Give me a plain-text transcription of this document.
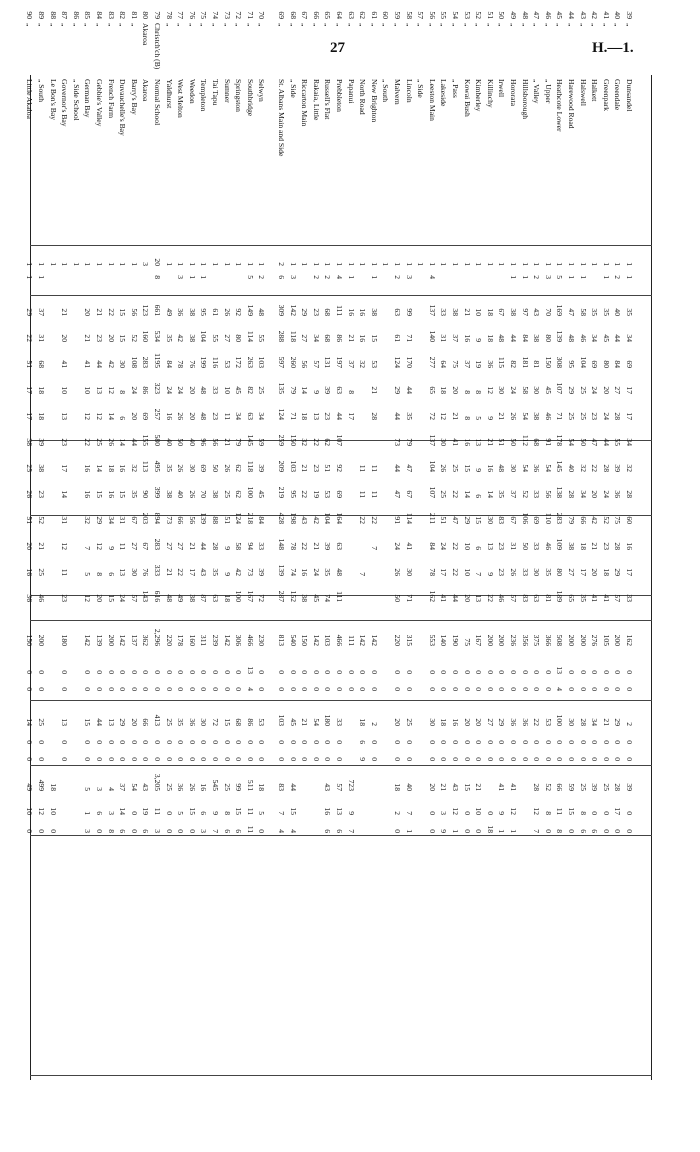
27	H.—1.
39
„
Dunsandel
1
1
35
34
69
17
17
34
32
28
60
16
17
33
162
0
0
2
0
0
39
0
0
40
„
Greendale
1
2
40
44
84
27
28
55
39
36
75
28
29
57
200
0
0
29
0
0
28
17
0
41
„
Greenpark
1
1
35
45
80
20
24
44
28
24
52
23
18
41
105
0
0
21
0
0
25
0
0
42
„
Halkett
1
35
34
69
24
23
47
22
20
42
21
20
41
276
0
0
34
0
0
39
0
6
43
„
Halswell
1
1
58
46
104
25
25
50
32
34
66
18
17
35
200
0
0
28
0
0
25
8
6
44
„
Harewood Road
1
1
47
48
95
29
25
54
40
28
79
38
27
65
200
0
0
30
0
0
59
15
0
45
„
Heathcote Lower
1
5
169
139
308
107
71
178
145
138
283
109
80
189
508
13
4
100
0
0
66
11
8
46
„
„ Upper
1
3
70
80
150
45
46
91
54
56
110
46
35
81
366
0
0
53
0
0
52
8
0
47
„
„ Valley
1
2
43
38
81
30
38
68
36
33
69
33
30
63
375
0
0
22
0
0
28
12
7
48
„
Hillsborough
1
1
97
84
181
58
54
112
54
52
106
50
33
83
356
0
0
36
0
0
49
„
Hororata
1
1
38
44
82
24
26
50
30
37
67
31
26
57
236
0
0
36
0
0
41
12
1
50
„
Irwell
1
67
48
115
30
21
51
48
35
83
23
23
46
200
0
0
29
0
0
41
9
1
51
„
Killinchy
1
18
18
36
12
9
21
16
14
30
13
9
22
200
0
0
27
0
0
0
18
52
„
Kimberley
1
10
9
19
8
5
13
9
6
15
6
7
13
167
0
0
20
0
0
21
10
0
53
„
Kowai Bush
1
21
16
37
8
8
16
15
14
29
10
10
20
75
0
0
20
0
0
15
0
0
54
„
„ Pass
1
38
37
75
20
21
41
25
22
47
22
22
44
190
0
0
16
0
0
43
12
1
55
„
Lakeside
1
33
31
64
18
12
30
26
25
51
24
17
41
140
0
0
18
0
0
21
3
9
56
„
Leeston Main
1
4
137
140
277
65
72
137
104
107
211
84
78
162
553
0
0
30
0
0
20
0
0
57
„
„ Side
1
58
„
Lincoln
1
3
99
71
170
44
35
79
47
67
114
41
30
71
315
0
0
25
0
0
40
7
1
59
„
Malvern
1
2
63
61
124
29
44
73
44
47
91
24
26
50
220
0
0
20
0
0
18
2
0
60
„
„ South
1
61
„
New Brighton
1
1
38
15
53
21
28
11
11
22
7
142
0
0
2
0
0
62
„
North Road
1
16
16
32
11
11
22
7
142
0
0
18
6
9
63
„
Papanui
1
1
16
21
37
8
17
111
0
0
723
9
7
64
„
Prebbleton
1
4
111
86
197
63
44
107
92
69
164
63
48
111
466
0
0
33
0
0
57
13
6
65
„
Russell's Flat
1
2
68
68
131
39
23
62
51
53
104
39
35
74
103
0
0
180
0
0
43
16
6
66
„
Rakaia, Little
1
2
23
34
57
9
13
22
23
19
42
21
24
45
142
0
0
54
0
0
67
„
Riccarton Main
1
29
27
56
14
18
32
21
22
43
22
16
38
150
0
0
21
0
0
68
„
„ Side
1
3
142
118
260
79
71
150
103
95
198
78
74
152
540
0
0
45
0
0
44
15
4
69
„
St. Albans Main and Side
2
6
309
288
597
135
124
259
209
219
428
148
139
287
813
0
0
103
0
0
83
7
4
70
„
Selwyn
1
2
48
55
103
25
34
59
39
45
84
33
39
72
230
0
0
53
0
0
18
5
0
71
„
Southbridge
1
5
149
114
263
82
63
145
118
100
218
94
73
167
466
13
4
86
0
0
511
11
11
72
„
Springston
1
92
80
172
45
34
79
62
62
124
58
42
100
306
0
0
68
0
0
99
15
6
73
„
Sumner
1
26
27
53
10
11
21
26
25
51
9
9
18
142
0
0
15
0
0
25
8
6
74
„
Tai Tapu
1
61
55
116
33
23
56
50
38
88
28
35
63
239
0
0
72
0
0
545
9
7
75
„
Templeton
1
1
95
104
199
48
48
96
69
70
139
44
43
87
311
0
0
30
0
0
16
6
3
76
„
Weedon
1
1
38
38
76
20
20
40
30
26
56
21
17
38
160
0
0
36
0
0
26
15
0
77
„
West Melton
1
3
36
42
78
24
26
50
26
40
66
27
22
49
178
0
0
35
0
0
36
5
0
78
„
Yaldhurst
1
49
35
84
24
16
40
35
38
73
27
21
48
220
0
0
25
0
0
25
0
0
79
Christch'ch (B)
Normal School
20
8
661
534
1195
323
257
580
495
399
894
283
333
616
2,296
0
0
413
0
0
3,205
11
3
80
Akaroa
Akaroa
3
123
160
283
86
69
155
113
90
203
67
76
143
362
0
0
66
0
0
43
19
6
81
„
Barry's Bay
1
56
52
108
24
20
44
32
35
67
27
30
57
137
0
0
20
0
0
54
0
0
82
„
Duvauchelle's Bay
1
15
15
30
8
6
14
16
15
31
11
13
24
142
0
0
29
0
0
37
14
6
83
„
French Farm
1
22
20
42
12
14
26
18
16
34
9
6
15
200
0
0
13
0
0
4
3
8
84
„
Gebbie's Valley
1
21
23
44
13
12
25
14
15
29
12
8
20
139
0
0
44
0
0
3
6
0
85
„
German Bay
1
20
21
41
10
12
22
16
16
32
7
5
12
142
0
0
15
0
0
5
1
3
86
„
„ Side School
1
87
„
Governor's Bay
1
21
20
41
10
13
23
17
14
31
12
11
23
180
0
0
13
0
0
88
„
Le Bon's Bay
1
18
10
0
89
„
„ South
1
1
37
31
68
18
18
39
38
23
52
21
25
46
200
0
0
25
0
0
499
12
0
90
„
Little Akaloa
1
1
29
22
51
17
17
38
25
26
51
20
16
36
150
0
0
14
0
0
49
10
0
